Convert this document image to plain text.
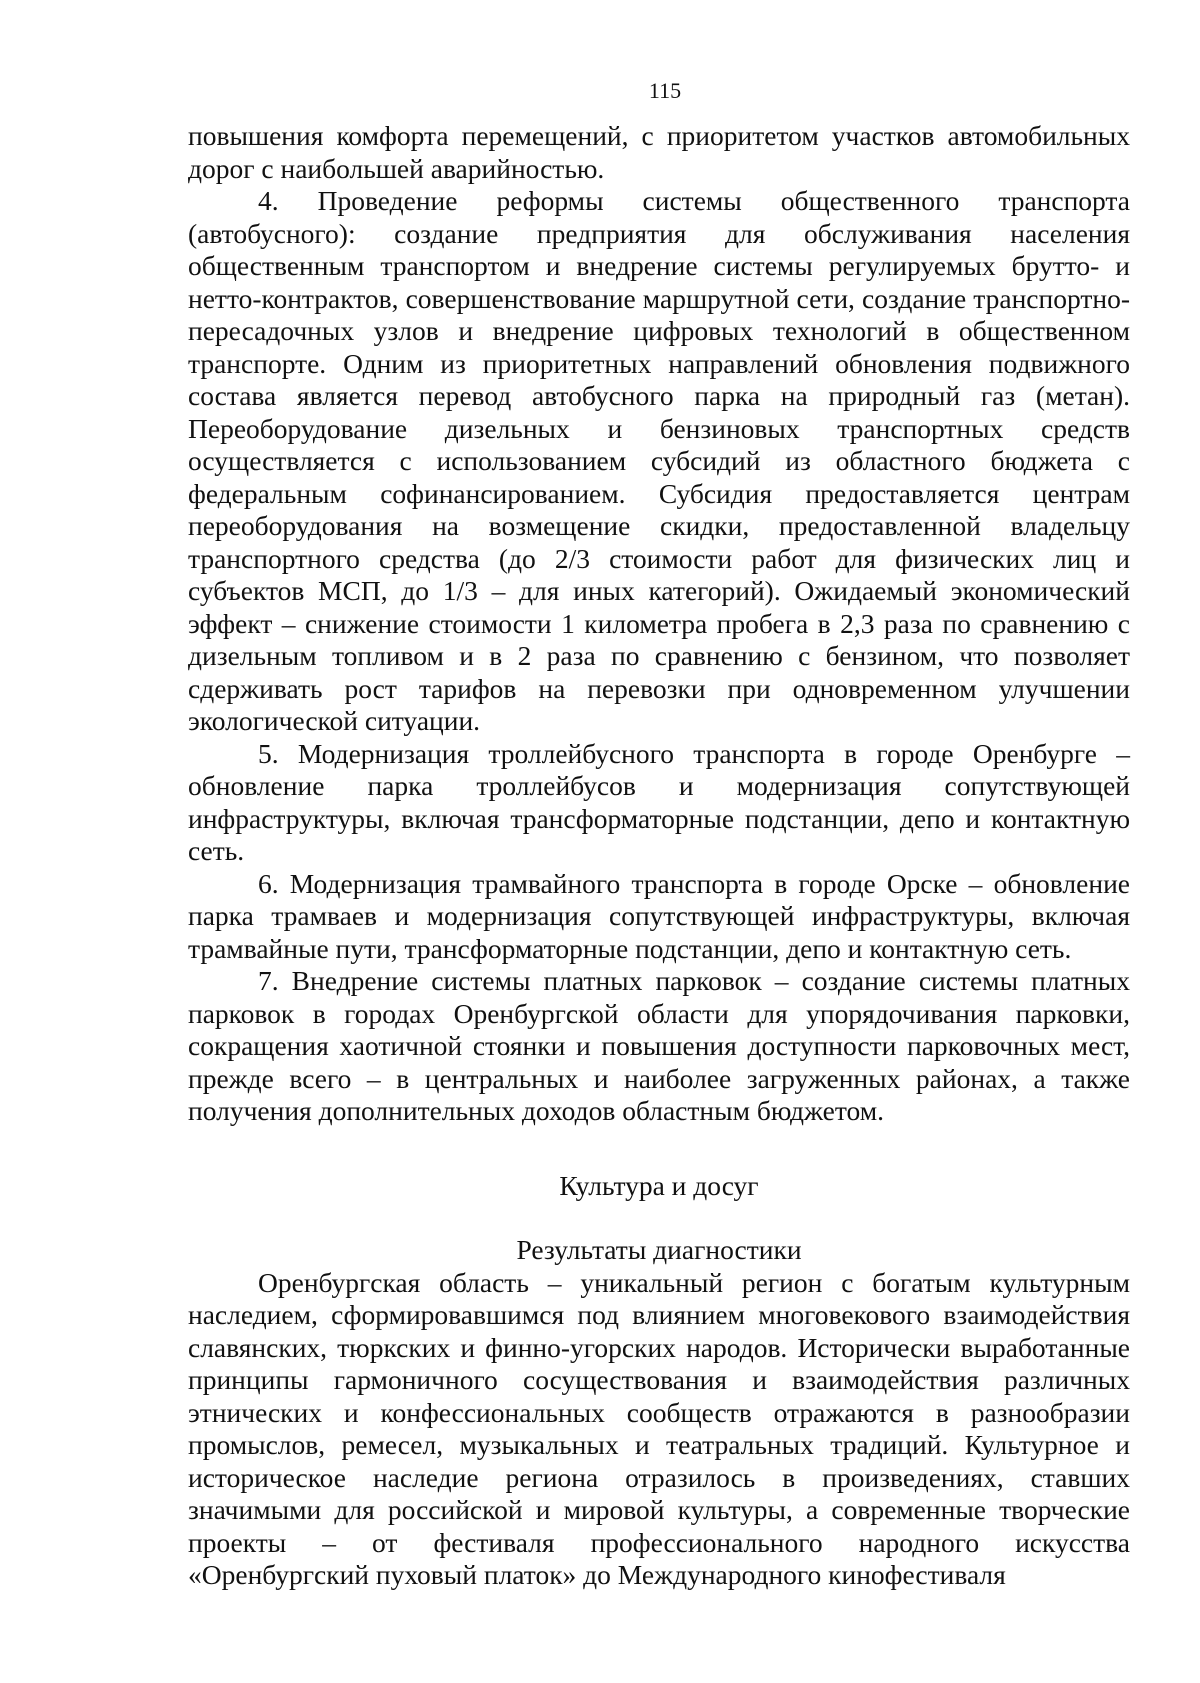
115

повышения комфорта перемещений, с приоритетом участков автомобильных дорог с наибольшей аварийностью.

4. Проведение реформы системы общественного транспорта (автобусного): создание предприятия для обслуживания населения общественным транспортом и внедрение системы регулируемых брутто- и нетто-контрактов, совершенствование маршрутной сети, создание транспортно-пересадочных узлов и внедрение цифровых технологий в общественном транспорте. Одним из приоритетных направлений обновления подвижного состава является перевод автобусного парка на природный газ (метан). Переоборудование дизельных и бензиновых транспортных средств осуществляется с использованием субсидий из областного бюджета с федеральным софинансированием. Субсидия предоставляется центрам переоборудования на возмещение скидки, предоставленной владельцу транспортного средства (до 2/3 стоимости работ для физических лиц и субъектов МСП, до 1/3 – для иных категорий). Ожидаемый экономический эффект – снижение стоимости 1 километра пробега в 2,3 раза по сравнению с дизельным топливом и в 2 раза по сравнению с бензином, что позволяет сдерживать рост тарифов на перевозки при одновременном улучшении экологической ситуации.

5. Модернизация троллейбусного транспорта в городе Оренбурге – обновление парка троллейбусов и модернизация сопутствующей инфраструктуры, включая трансформаторные подстанции, депо и контактную сеть.

6. Модернизация трамвайного транспорта в городе Орске – обновление парка трамваев и модернизация сопутствующей инфраструктуры, включая трамвайные пути, трансформаторные подстанции, депо и контактную сеть.

7. Внедрение системы платных парковок – создание системы платных парковок в городах Оренбургской области для упорядочивания парковки, сокращения хаотичной стоянки и повышения доступности парковочных мест, прежде всего – в центральных и наиболее загруженных районах, а также получения дополнительных доходов областным бюджетом.

Культура и досуг
Результаты диагностики

Оренбургская область – уникальный регион с богатым культурным наследием, сформировавшимся под влиянием многовекового взаимодействия славянских, тюркских и финно-угорских народов. Исторически выработанные принципы гармоничного сосуществования и взаимодействия различных этнических и конфессиональных сообществ отражаются в разнообразии промыслов, ремесел, музыкальных и театральных традиций. Культурное и историческое наследие региона отразилось в произведениях, ставших значимыми для российской и мировой культуры, а современные творческие проекты – от фестиваля профессионального народного искусства «Оренбургский пуховый платок» до Международного кинофестиваля
